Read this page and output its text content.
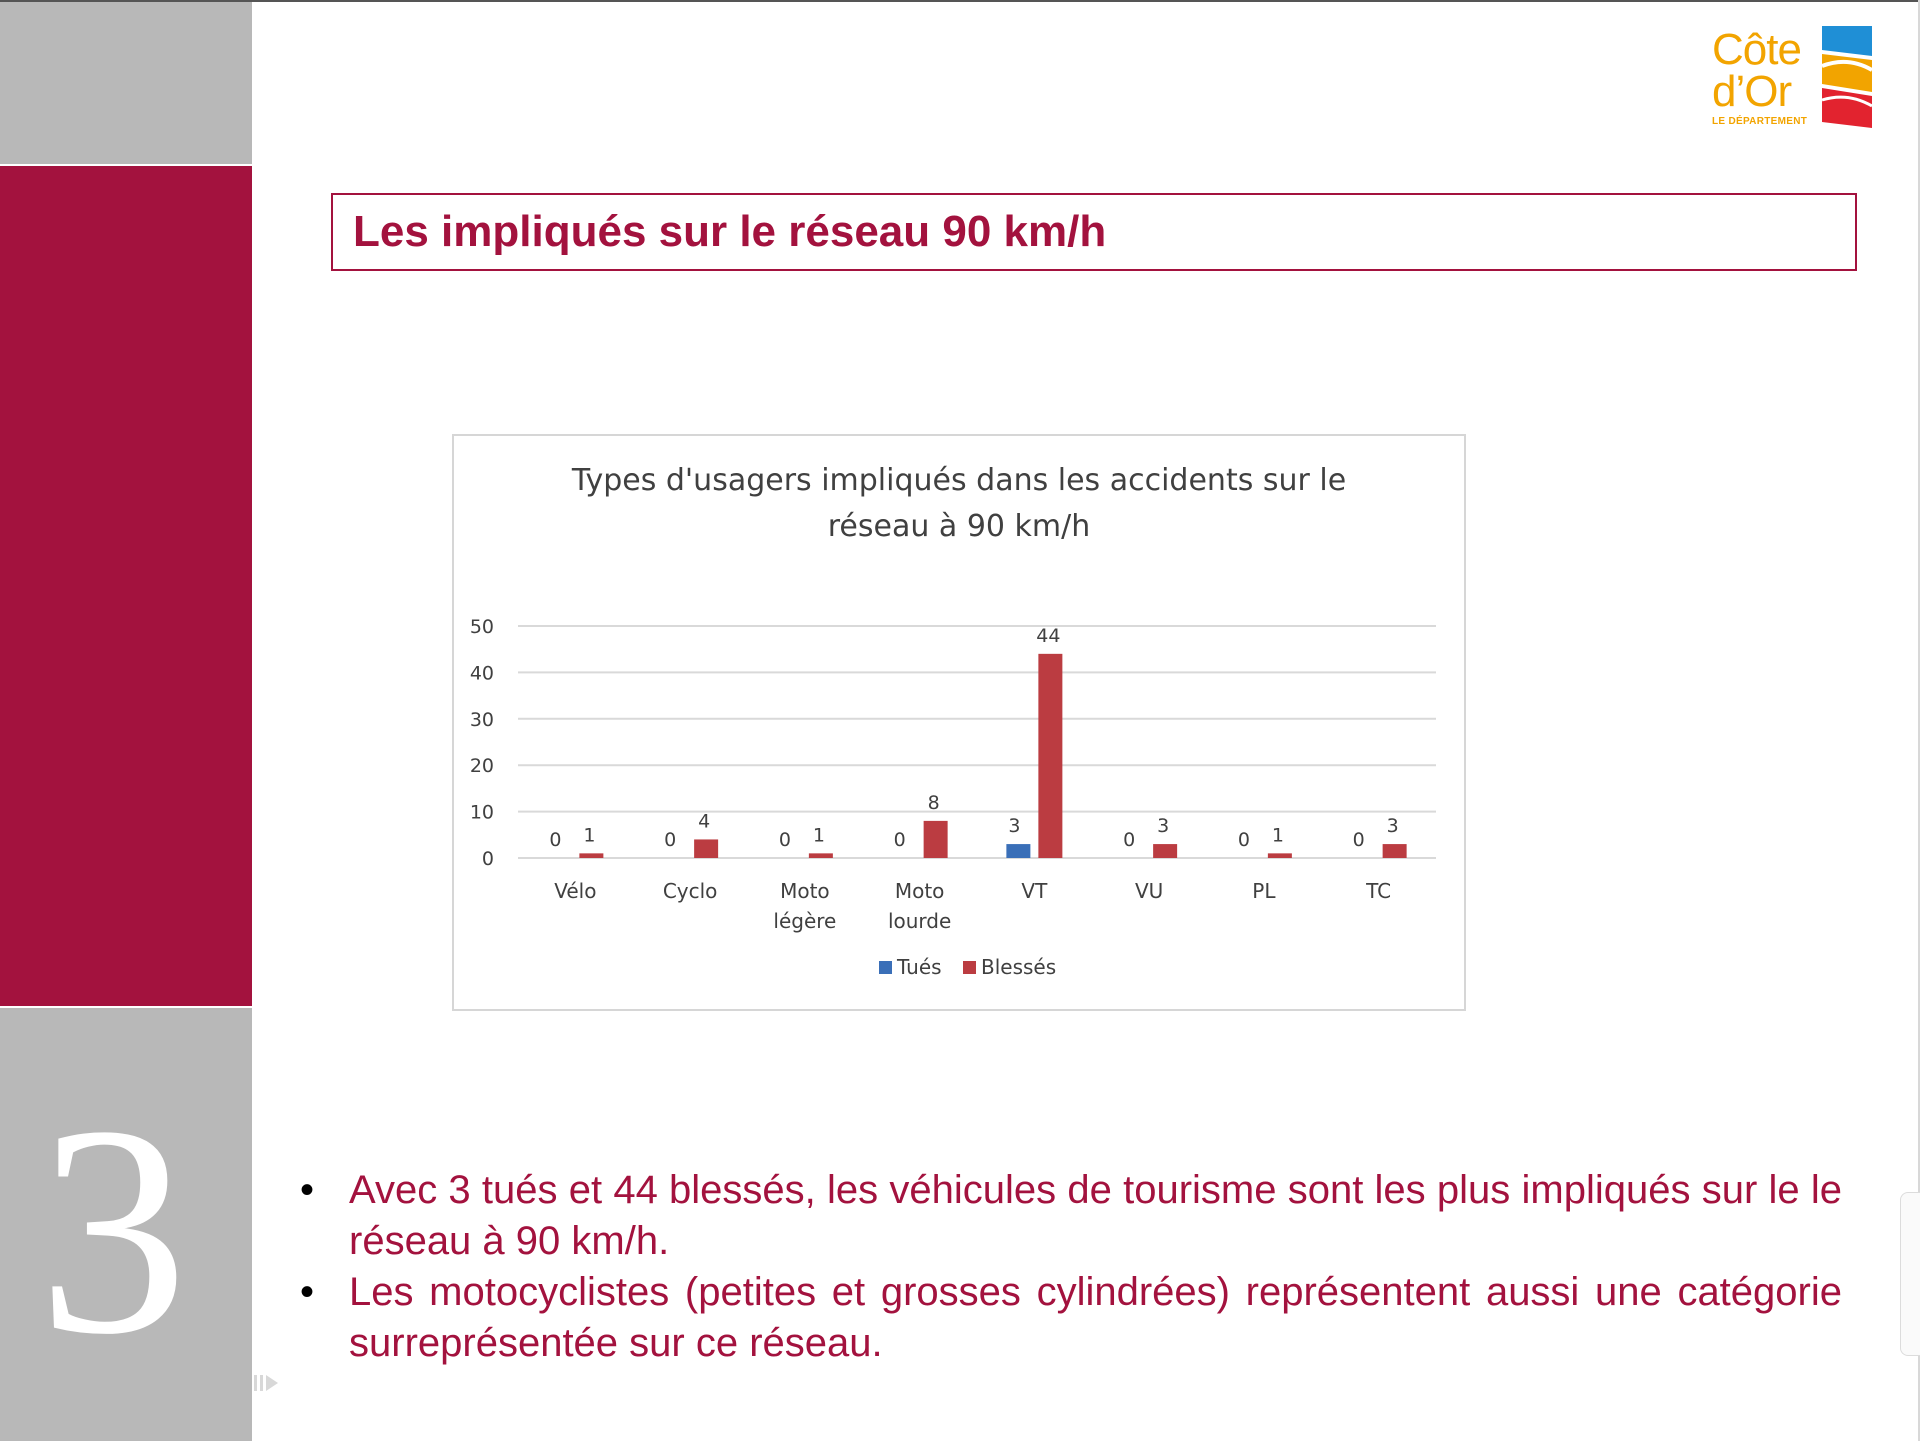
3
Côte
d’Or
LE DÉPARTEMENT
Les impliqués sur le réseau 90 km/h
Types d'usagers impliqués dans les accidents sur le
réseau à 90 km/h
0
10
20
30
40
50
Vélo
0 1
Cyclo
0
4
Moto
légère
0 1
Moto
lourde
0
8
VT
3
44
VU
0
3
PL
0 1
TC
0
3
Tués Blessés
• Avec 3 tués et 44 blessés, les véhicules de tourisme sont les plus impliqués sur le le réseau à 90 km/h.
• Les motocyclistes (petites et grosses cylindrées) représentent aussi une catégorie surreprésentée sur ce réseau.
